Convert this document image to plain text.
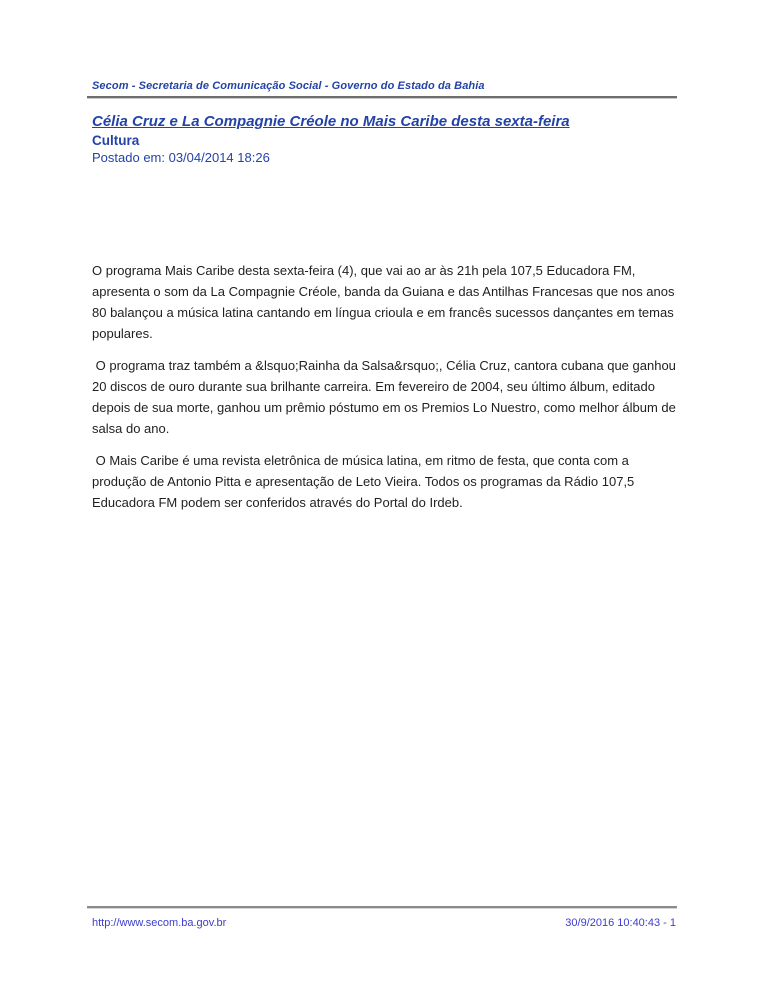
Secom - Secretaria de Comunicação Social - Governo do Estado da Bahia
Célia Cruz e La Compagnie Créole no Mais Caribe desta sexta-feira
Cultura
Postado em: 03/04/2014 18:26

O programa Mais Caribe desta sexta-feira (4), que vai ao ar às 21h pela 107,5 Educadora FM, apresenta o som da La Compagnie Créole, banda da Guiana e das Antilhas Francesas que nos anos 80 balançou a música latina cantando em língua crioula e em francês sucessos dançantes em temas populares.

O programa traz também a &lsquo;Rainha da Salsa&rsquo;, Célia Cruz, cantora cubana que ganhou 20 discos de ouro durante sua brilhante carreira. Em fevereiro de 2004, seu último álbum, editado depois de sua morte, ganhou um prêmio póstumo em os Premios Lo Nuestro, como melhor álbum de salsa do ano.

O Mais Caribe é uma revista eletrônica de música latina, em ritmo de festa, que conta com a produção de Antonio Pitta e apresentação de Leto Vieira. Todos os programas da Rádio 107,5 Educadora FM podem ser conferidos através do Portal do Irdeb.

http://www.secom.ba.gov.br	30/9/2016 10:40:43 - 1
